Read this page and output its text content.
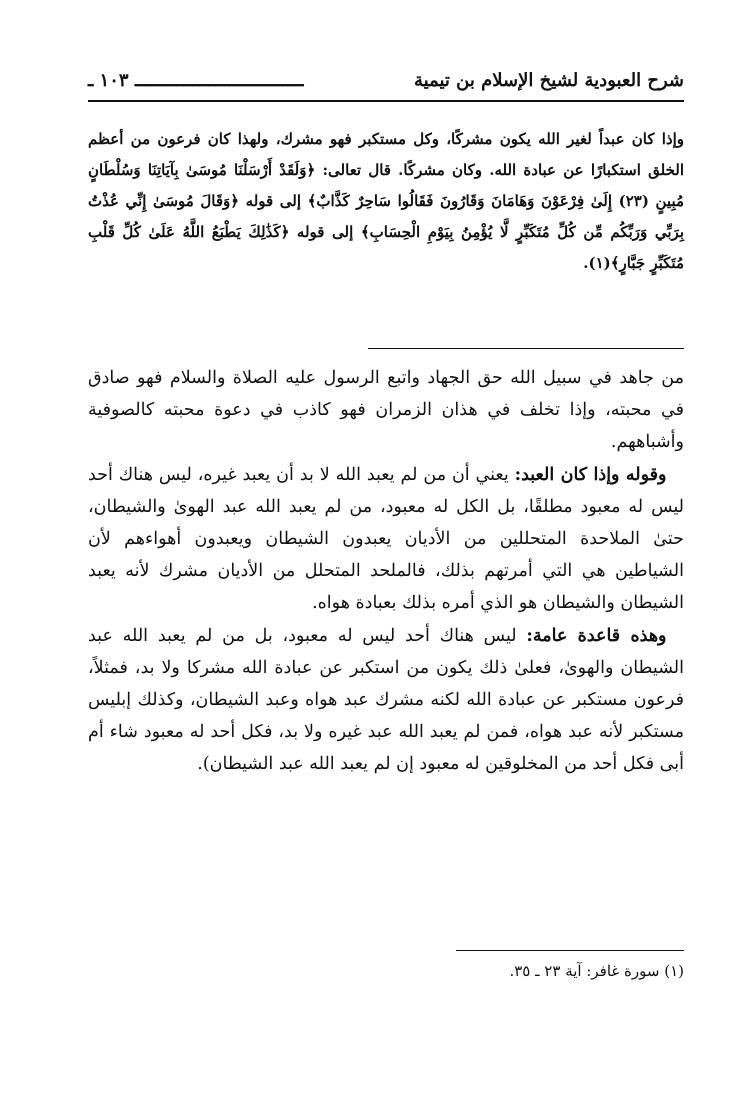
شرح العبودية لشيخ الإسلام بن تيمية
ــــــــــــــــــــــــــــــــ ١٠٣ ـ

وإذا كان عبداً لغير الله يكون مشركًا، وكل مستكبر فهو مشرك، ولهذا كان فرعون من أعظم الخلق استكبارًا عن عبادة الله. وكان مشركًا. قال تعالى: ﴿وَلَقَدْ أَرْسَلْنَا مُوسَىٰ بِآيَاتِنَا وَسُلْطَانٍ مُبِينٍ (٢٣) إِلَىٰ فِرْعَوْنَ وَهَامَانَ وَقَارُونَ فَقَالُوا سَاحِرٌ كَذَّابٌ﴾ إلى قوله ﴿وَقَالَ مُوسَىٰ إِنِّي عُذْتُ بِرَبِّي وَرَبِّكُم مِّن كُلِّ مُتَكَبِّرٍ لَّا يُؤْمِنُ بِيَوْمِ الْحِسَابِ﴾ إلى قوله ﴿كَذَٰلِكَ يَطْبَعُ اللَّهُ عَلَىٰ كُلِّ قَلْبِ مُتَكَبِّرٍ جَبَّارٍ﴾(١).

من جاهد في سبيل الله حق الجهاد واتبع الرسول عليه الصلاة والسلام فهو صادق في محبته، وإذا تخلف في هذان الزمران فهو كاذب في دعوة محبته كالصوفية وأشباههم.

 وقوله وإذا كان العبد: يعني أن من لم يعبد الله لا بد أن يعبد غيره، ليس هناك أحد ليس له معبود مطلقًا، بل الكل له معبود، من لم يعبد الله عبد الهوىٰ والشيطان، حتىٰ الملاحدة المتحللين من الأديان يعبدون الشيطان ويعبدون أهواءهم لأن الشياطين هي التي أمرتهم بذلك، فالملحد المتحلل من الأديان مشرك لأنه يعبد الشيطان والشيطان هو الذي أمره بذلك بعبادة هواه.

 وهذه قاعدة عامة: ليس هناك أحد ليس له معبود، بل من لم يعبد الله عبد الشيطان والهوىٰ، فعلىٰ ذلك يكون من استكبر عن عبادة الله مشركا ولا بد، فمثلاً، فرعون مستكبر عن عبادة الله لكنه مشرك عبد هواه وعبد الشيطان، وكذلك إبليس مستكبر لأنه عبد هواه، فمن لم يعبد الله عبد غيره ولا بد، فكل أحد له معبود شاء أم أبى فكل أحد من المخلوقين له معبود إن لم يعبد الله عبد الشيطان).

(١) سورة غافر: آية ٢٣ ـ ٣٥.
